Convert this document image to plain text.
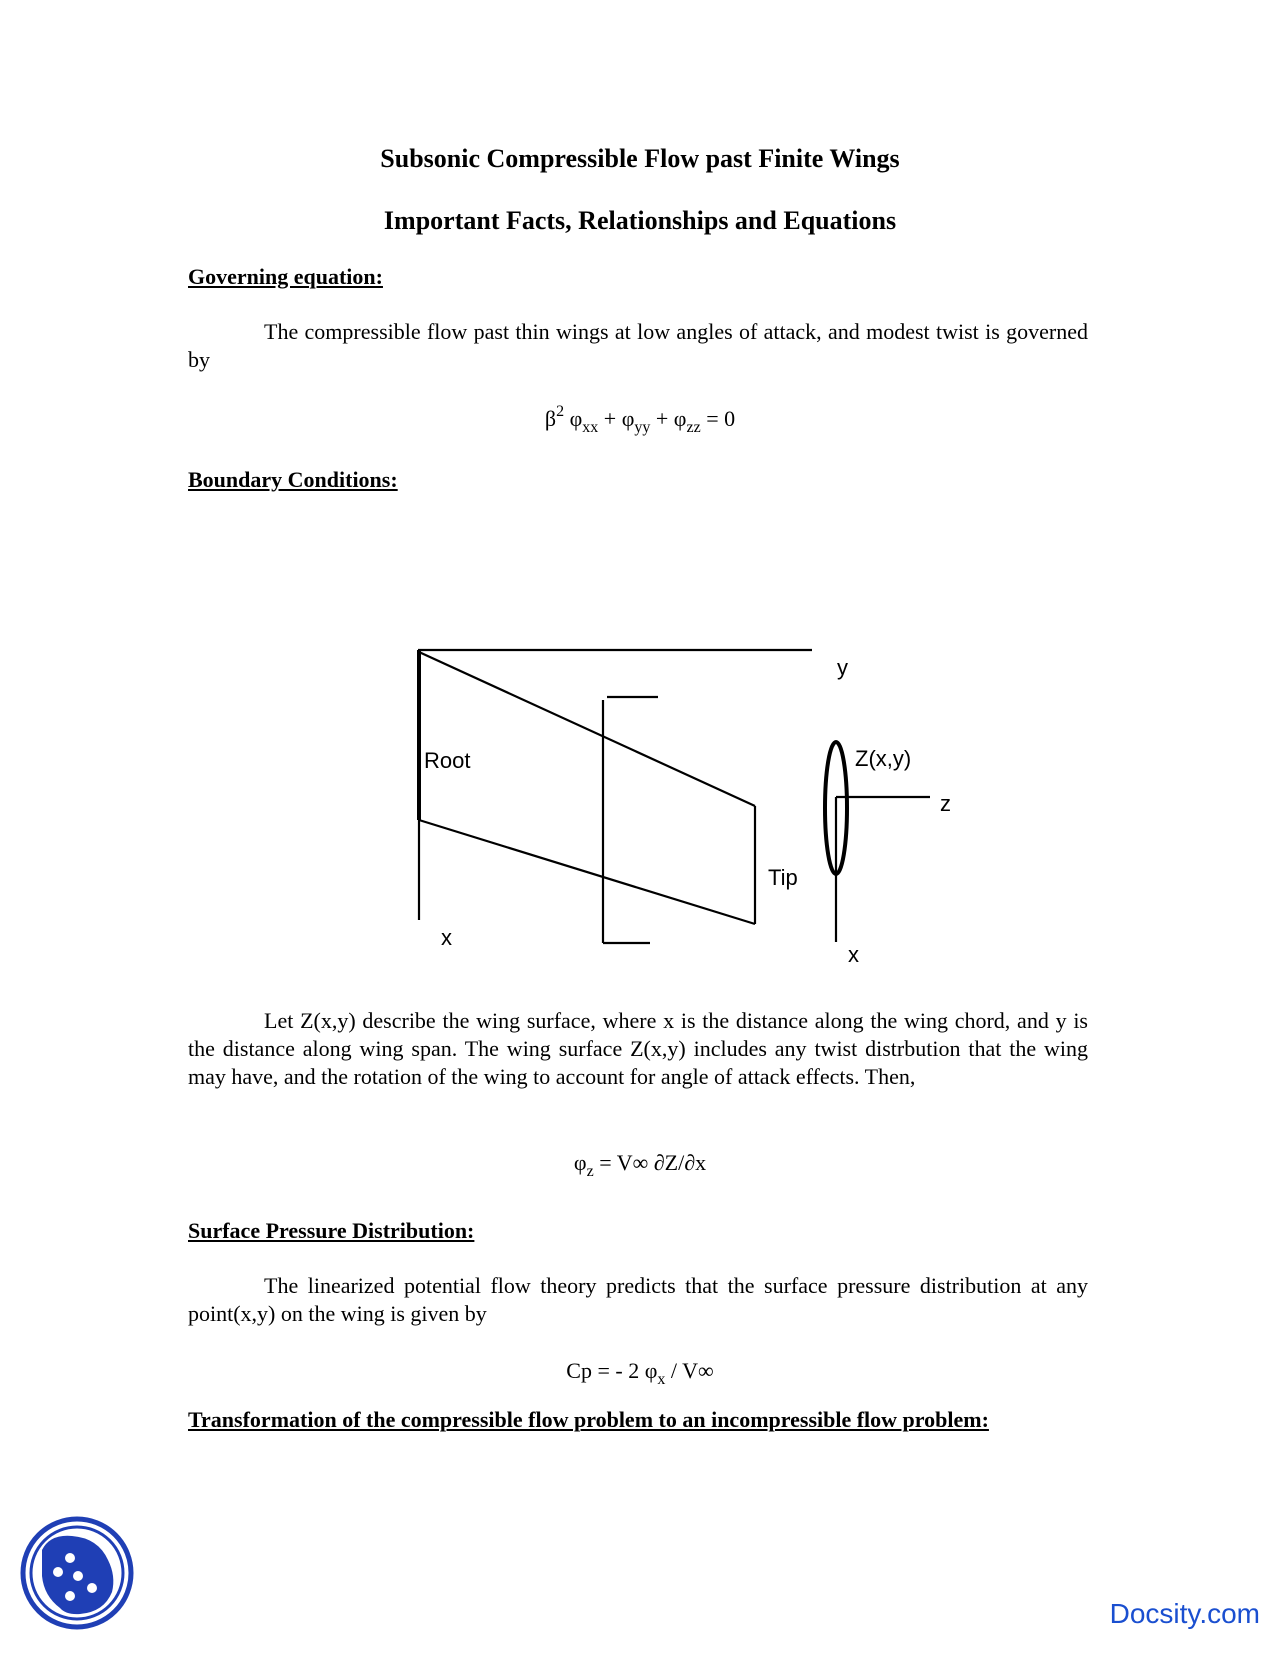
Subsonic Compressible Flow past Finite Wings
Important Facts, Relationships and Equations
Governing equation:
The compressible flow past thin wings at low angles of attack, and modest twist is governed by
$\beta^2$ $\varphi_{xx} + \varphi_{yy} + \varphi_{zz} = 0$
Boundary Conditions:
Root
Tip
y
x
Z(x,y)
z
x
Let Z(x,y) describe the wing surface, where x is the distance along the wing chord, and y is the distance along wing span. The wing surface Z(x,y) includes any twist distrbution that the wing may have, and the rotation of the wing to account for angle of attack effects. Then,
$\varphi_z = V\infty$ ∂Z/∂x
Surface Pressure Distribution:
The linearized potential flow theory predicts that the surface pressure distribution at any point(x,y) on the wing is given by
Cp = - 2 $\varphi_x / V\infty$
Transformation of the compressible flow problem to an incompressible flow problem:
Docsity.com
